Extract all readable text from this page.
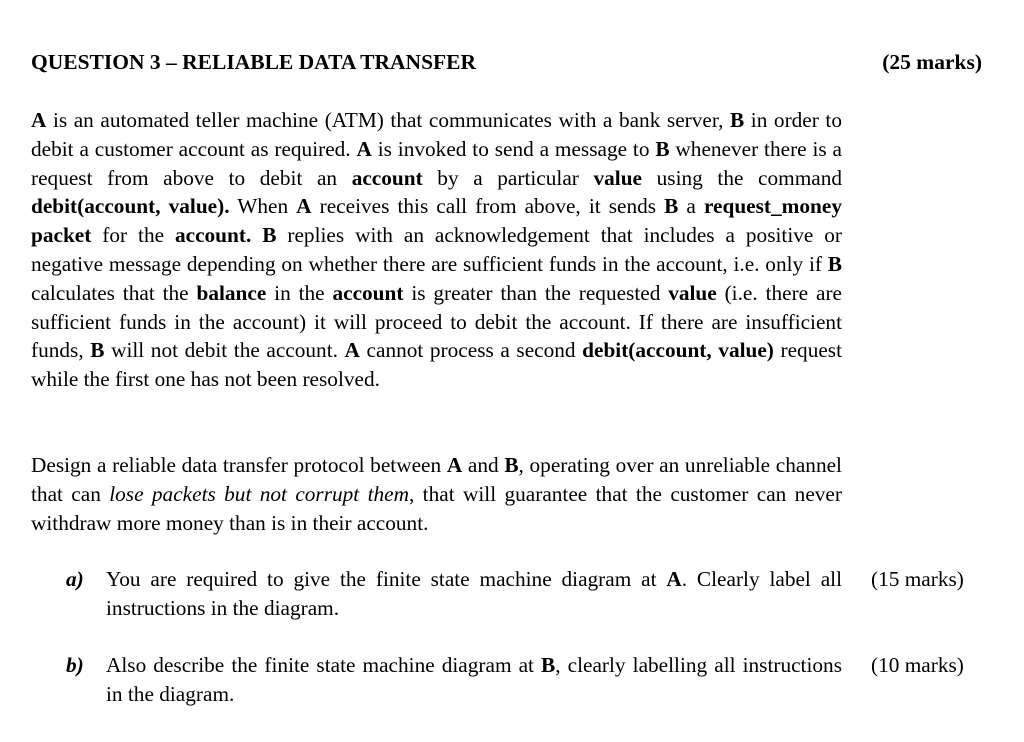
QUESTION 3 – RELIABLE DATA TRANSFER	(25 marks)

A is an automated teller machine (ATM) that communicates with a bank server, B in order to debit a customer account as required. A is invoked to send a message to B whenever there is a request from above to debit an account by a particular value using the command debit(account, value). When A receives this call from above, it sends B a request_money packet for the account. B replies with an acknowledgement that includes a positive or negative message depending on whether there are sufficient funds in the account, i.e. only if B calculates that the balance in the account is greater than the requested value (i.e. there are sufficient funds in the account) it will proceed to debit the account. If there are insufficient funds, B will not debit the account. A cannot process a second debit(account, value) request while the first one has not been resolved.

Design a reliable data transfer protocol between A and B, operating over an unreliable channel that can lose packets but not corrupt them, that will guarantee that the customer can never withdraw more money than is in their account.

a) You are required to give the finite state machine diagram at A. Clearly label all instructions in the diagram.
(15 marks)
b) Also describe the finite state machine diagram at B, clearly labelling all instructions in the diagram.
(10 marks)
